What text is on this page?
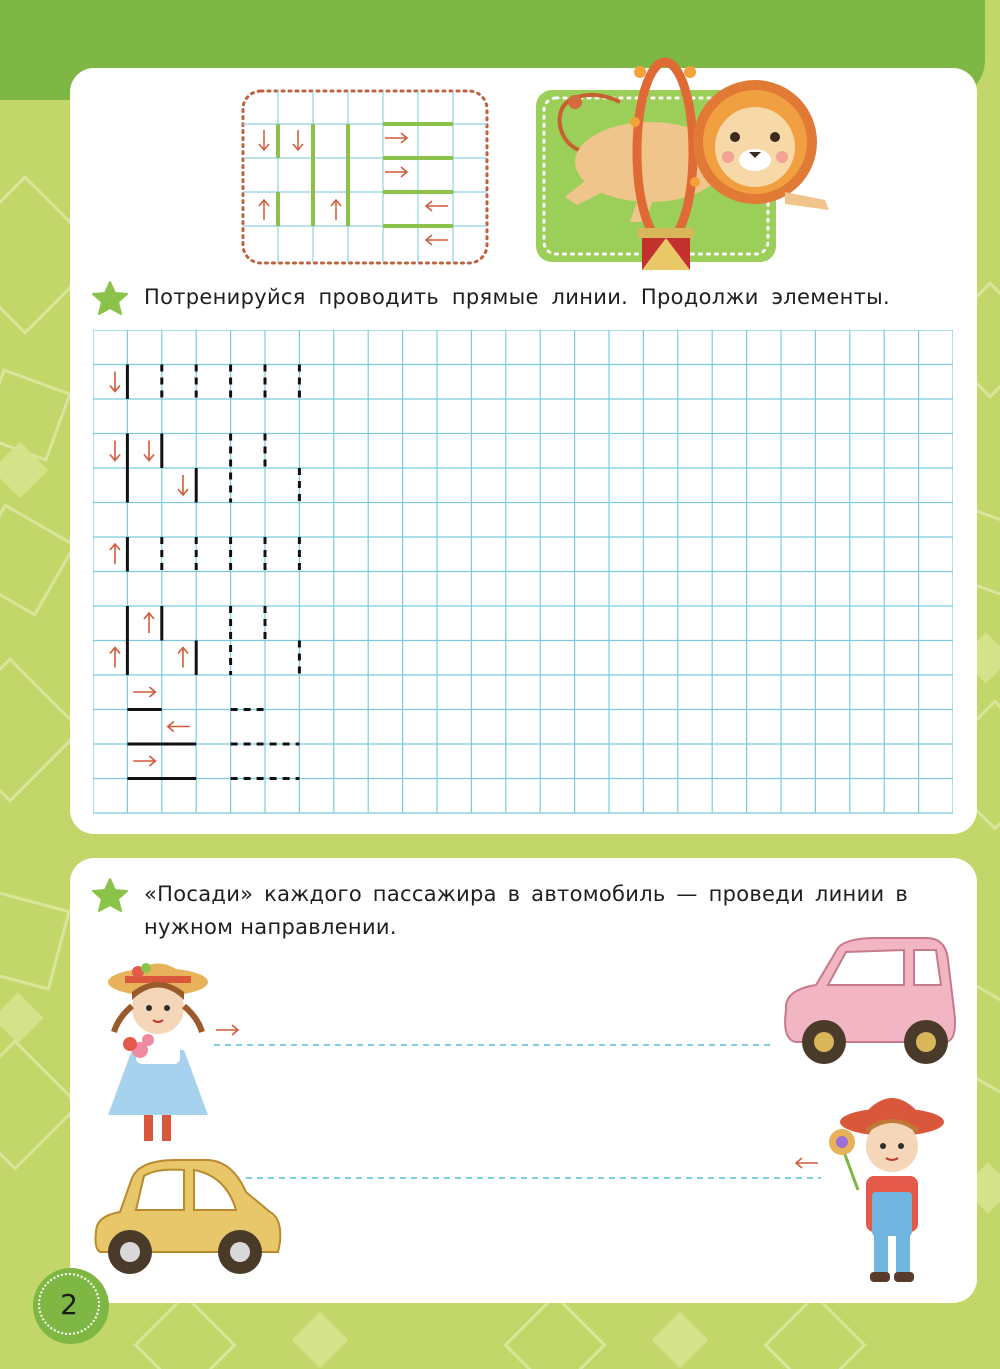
Потренируйся проводить прямые линии. Продолжи элементы.
«Посади» каждого пассажира в автомобиль — проведи линии в нужном направлении.
2
